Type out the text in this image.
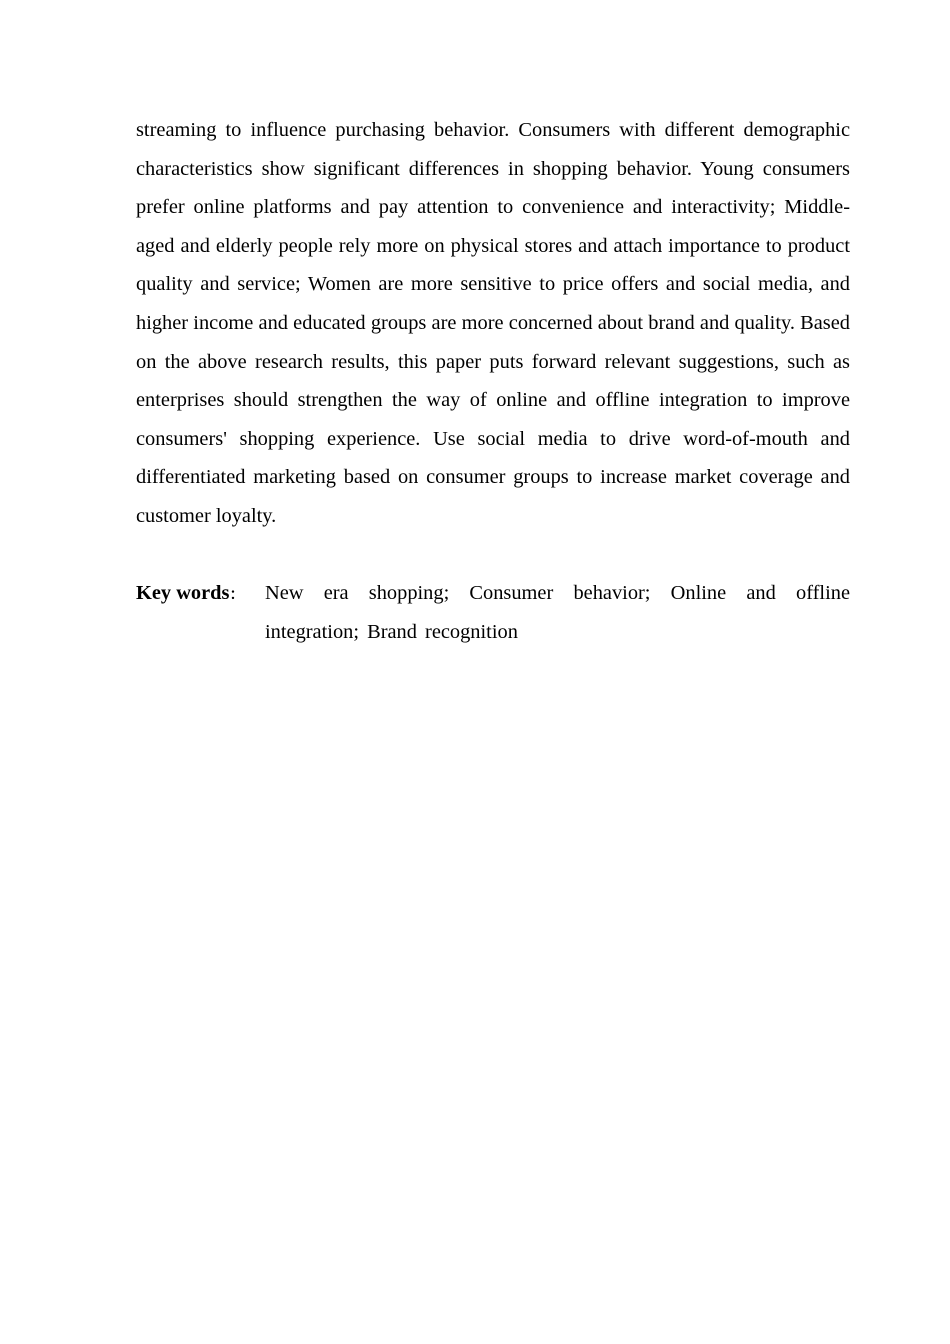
streaming to influence purchasing behavior. Consumers with different demographic characteristics show significant differences in shopping behavior. Young consumers prefer online platforms and pay attention to convenience and interactivity; Middle-aged and elderly people rely more on physical stores and attach importance to product quality and service; Women are more sensitive to price offers and social media, and higher income and educated groups are more concerned about brand and quality. Based on the above research results, this paper puts forward relevant suggestions, such as enterprises should strengthen the way of online and offline integration to improve consumers' shopping experience. Use social media to drive word-of-mouth and differentiated marketing based on consumer groups to increase market coverage and customer loyalty.

Key words：	New era shopping; Consumer behavior; Online and offline integration; Brand recognition
